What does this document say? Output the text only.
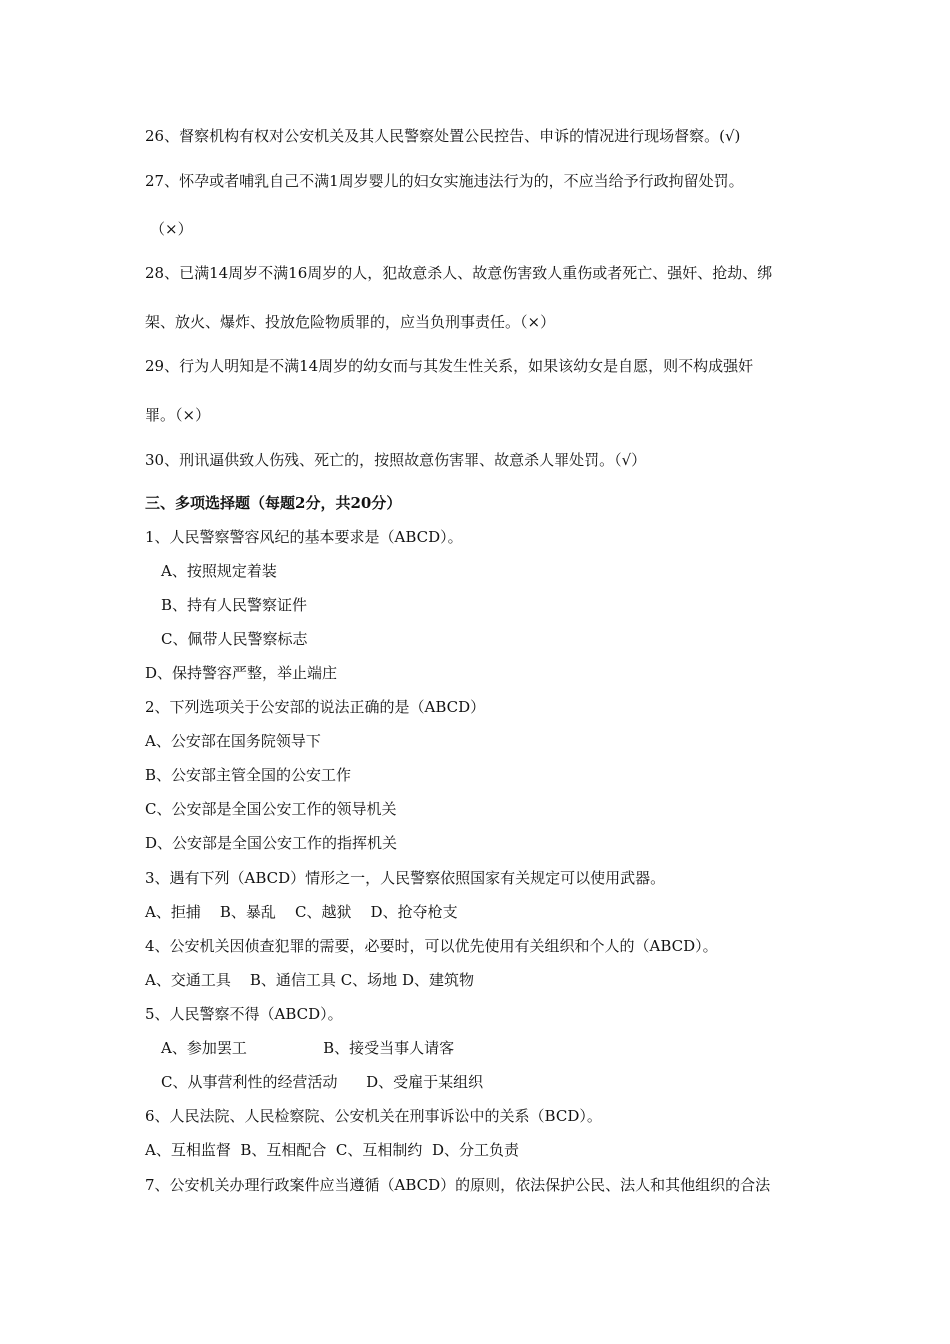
26、督察机构有权对公安机关及其人民警察处置公民控告、申诉的情况进行现场督察。(√)
27、怀孕或者哺乳自己不满1周岁婴儿的妇女实施违法行为的，不应当给予行政拘留处罚。
（×）
28、已满14周岁不满16周岁的人，犯故意杀人、故意伤害致人重伤或者死亡、强奸、抢劫、绑
架、放火、爆炸、投放危险物质罪的，应当负刑事责任。（×）
29、行为人明知是不满14周岁的幼女而与其发生性关系，如果该幼女是自愿，则不构成强奸
罪。（×）
30、刑讯逼供致人伤残、死亡的，按照故意伤害罪、故意杀人罪处罚。（√）
三、多项选择题（每题2分，共20分）
1、人民警察警容风纪的基本要求是（ABCD）。
A、按照规定着装
B、持有人民警察证件
C、佩带人民警察标志
D、保持警容严整，举止端庄
2、下列选项关于公安部的说法正确的是（ABCD）
A、公安部在国务院领导下
B、公安部主管全国的公安工作
C、公安部是全国公安工作的领导机关
D、公安部是全国公安工作的指挥机关
3、遇有下列（ABCD）情形之一，人民警察依照国家有关规定可以使用武器。
A、拒捕    B、暴乱    C、越狱    D、抢夺枪支
4、公安机关因侦查犯罪的需要，必要时，可以优先使用有关组织和个人的（ABCD）。
A、交通工具    B、通信工具 C、场地 D、建筑物
5、人民警察不得（ABCD）。
A、参加罢工                B、接受当事人请客
C、从事营利性的经营活动      D、受雇于某组织
6、人民法院、人民检察院、公安机关在刑事诉讼中的关系（BCD）。
A、互相监督  B、互相配合  C、互相制约  D、分工负责
7、公安机关办理行政案件应当遵循（ABCD）的原则，依法保护公民、法人和其他组织的合法
